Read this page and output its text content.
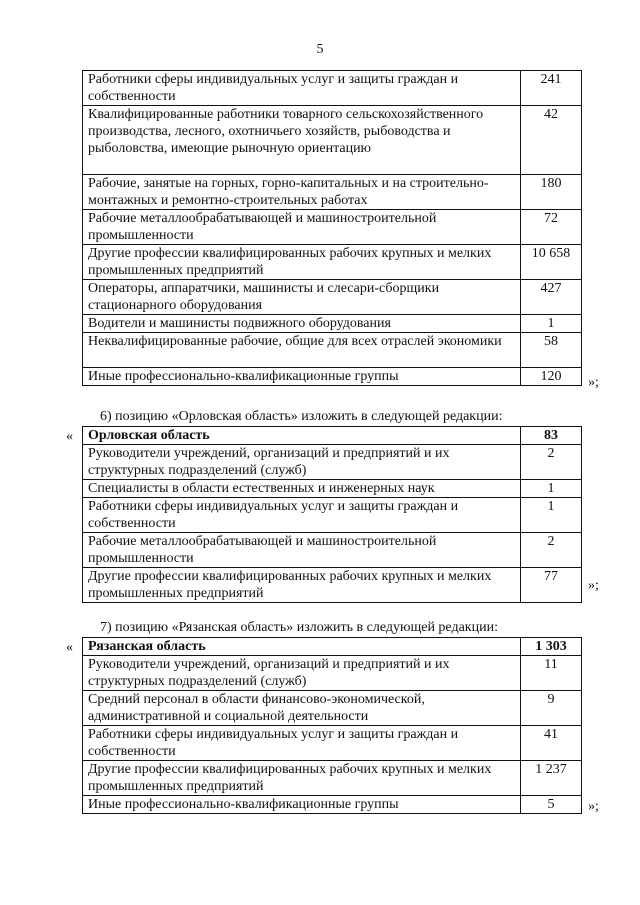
5
Работники сферы индивидуальных услуг и защиты граждан и собственности	241
Квалифицированные работники товарного сельскохозяйственного производства, лесного, охотничьего хозяйств, рыбоводства и рыболовства, имеющие рыночную ориентацию	42
Рабочие, занятые на горных, горно-капитальных и на строительно-монтажных и ремонтно-строительных работах	180
Рабочие металлообрабатывающей и машиностроительной промышленности	72
Другие профессии квалифицированных рабочих крупных и мелких промышленных предприятий	10 658
Операторы, аппаратчики, машинисты и слесари-сборщики стационарного оборудования	427
Водители и машинисты подвижного оборудования	1
Неквалифицированные рабочие, общие для всех отраслей экономики	58
Иные профессионально-квалификационные группы	120 »;
6) позицию «Орловская область» изложить в следующей редакции:
« Орловская область	83
Руководители учреждений, организаций и предприятий и их структурных подразделений (служб)	2
Специалисты в области естественных и инженерных наук	1
Работники сферы индивидуальных услуг и защиты граждан и собственности	1
Рабочие металлообрабатывающей и машиностроительной промышленности	2
Другие профессии квалифицированных рабочих крупных и мелких промышленных предприятий	77
»;
7) позицию «Рязанская область» изложить в следующей редакции:
« Рязанская область	1 303
Руководители учреждений, организаций и предприятий и их структурных подразделений (служб)	11
Средний персонал в области финансово-экономической, административной и социальной деятельности	9
Работники сферы индивидуальных услуг и защиты граждан и собственности	41
Другие профессии квалифицированных рабочих крупных и мелких промышленных предприятий	1 237
Иные профессионально-квалификационные группы	5 »;
